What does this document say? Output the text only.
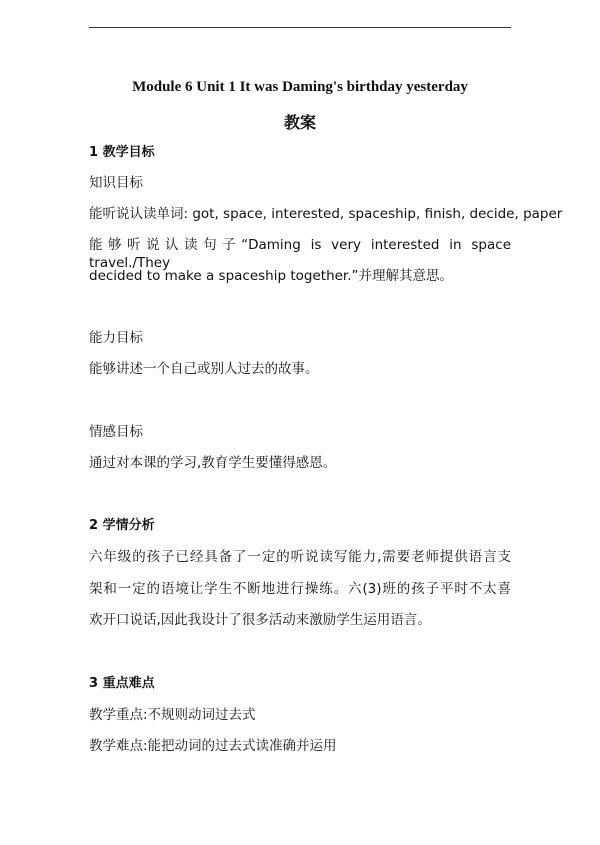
Module 6 Unit 1 It was Daming's birthday yesterday
教案
1 教学目标
知识目标
能听说认读单词: got, space, interested, spaceship, finish, decide, paper
能够听说认读句子“Daming is very interested in space travel./They
decided to make a spaceship together.”并理解其意思。
能力目标
能够讲述一个自己或别人过去的故事。
情感目标
通过对本课的学习,教育学生要懂得感恩。
2 学情分析
六年级的孩子已经具备了一定的听说读写能力,需要老师提供语言支
架和一定的语境让学生不断地进行操练。六(3)班的孩子平时不太喜
欢开口说话,因此我设计了很多活动来激励学生运用语言。
3 重点难点
教学重点:不规则动词过去式
教学难点:能把动词的过去式读准确并运用
